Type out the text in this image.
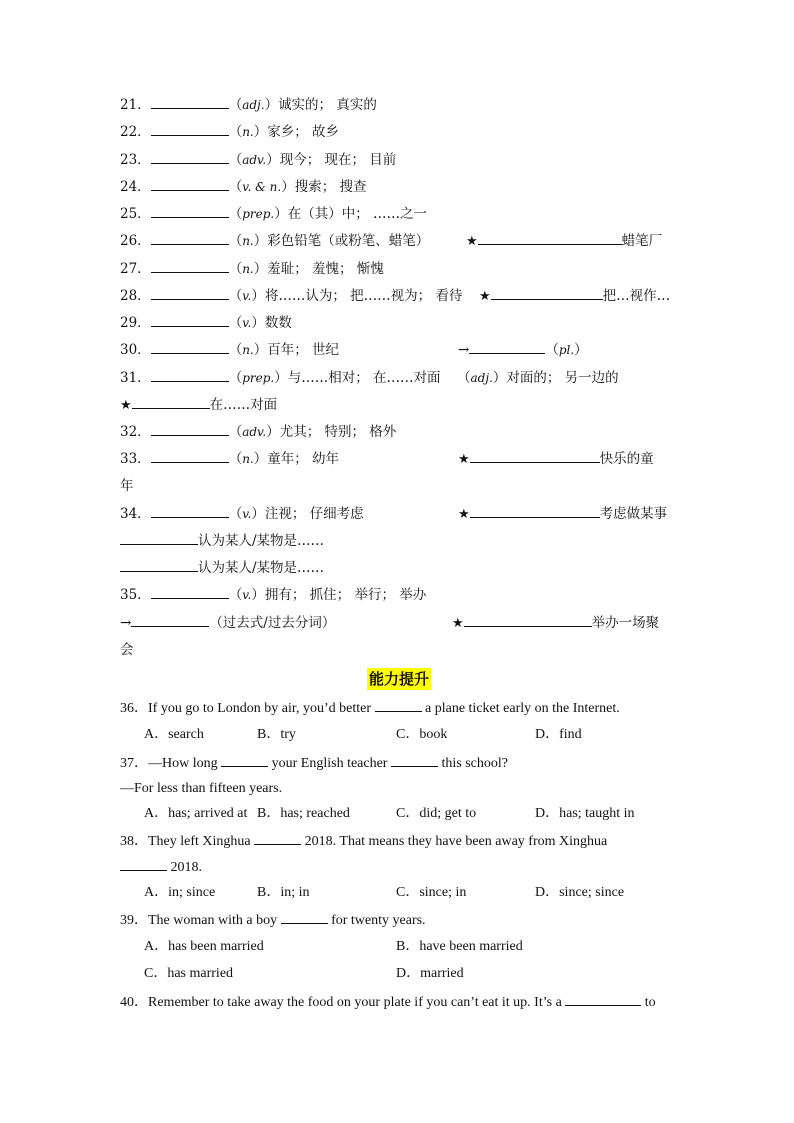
21．	（adj.）诚实的； 真实的
22．	（n.）家乡； 故乡
23．	（adv.）现今； 现在； 目前
24．	（v. & n.）搜索； 搜查
25．	（prep.）在（其）中； ……之一
26．	（n.）彩色铅笔（或粉笔、蜡笔）	★	蜡笔厂
27．	（n.）羞耻； 羞愧； 惭愧
28．	（v.）将……认为； 把……视为； 看待 ★	把…视作…
29．	（v.）数数
30．	（n.）百年； 世纪	→	（pl.）
31．	（prep.）与……相对； 在……对面 （adj.）对面的； 另一边的
★	在……对面
32．	（adv.）尤其； 特别； 格外
33．	（n.）童年； 幼年	★	快乐的童
年
34．	（v.）注视； 仔细考虑	★	考虑做某事
认为某人/某物是……
认为某人/某物是……
35．	（v.）拥有； 抓住； 举行； 举办
→	（过去式/过去分词）	★	举办一场聚
会
能力提升
36．If you go to London by air, you’d better	a plane ticket early on the Internet.
A．search	B．try	C．book	D．find
37．—How long	your English teacher	this school?
—For less than fifteen years.
A．has; arrived at B．has; reached	C．did; get to	D．has; taught in
38．They left Xinghua	2018. That means they have been away from Xinghua
2018.
A．in; since	B．in; in	C．since; in	D．since; since
39．The woman with a boy	for twenty years.
A．has been married	B．have been married
C．has married	D．married
40．Remember to take away the food on your plate if you can’t eat it up. It’s a	to
